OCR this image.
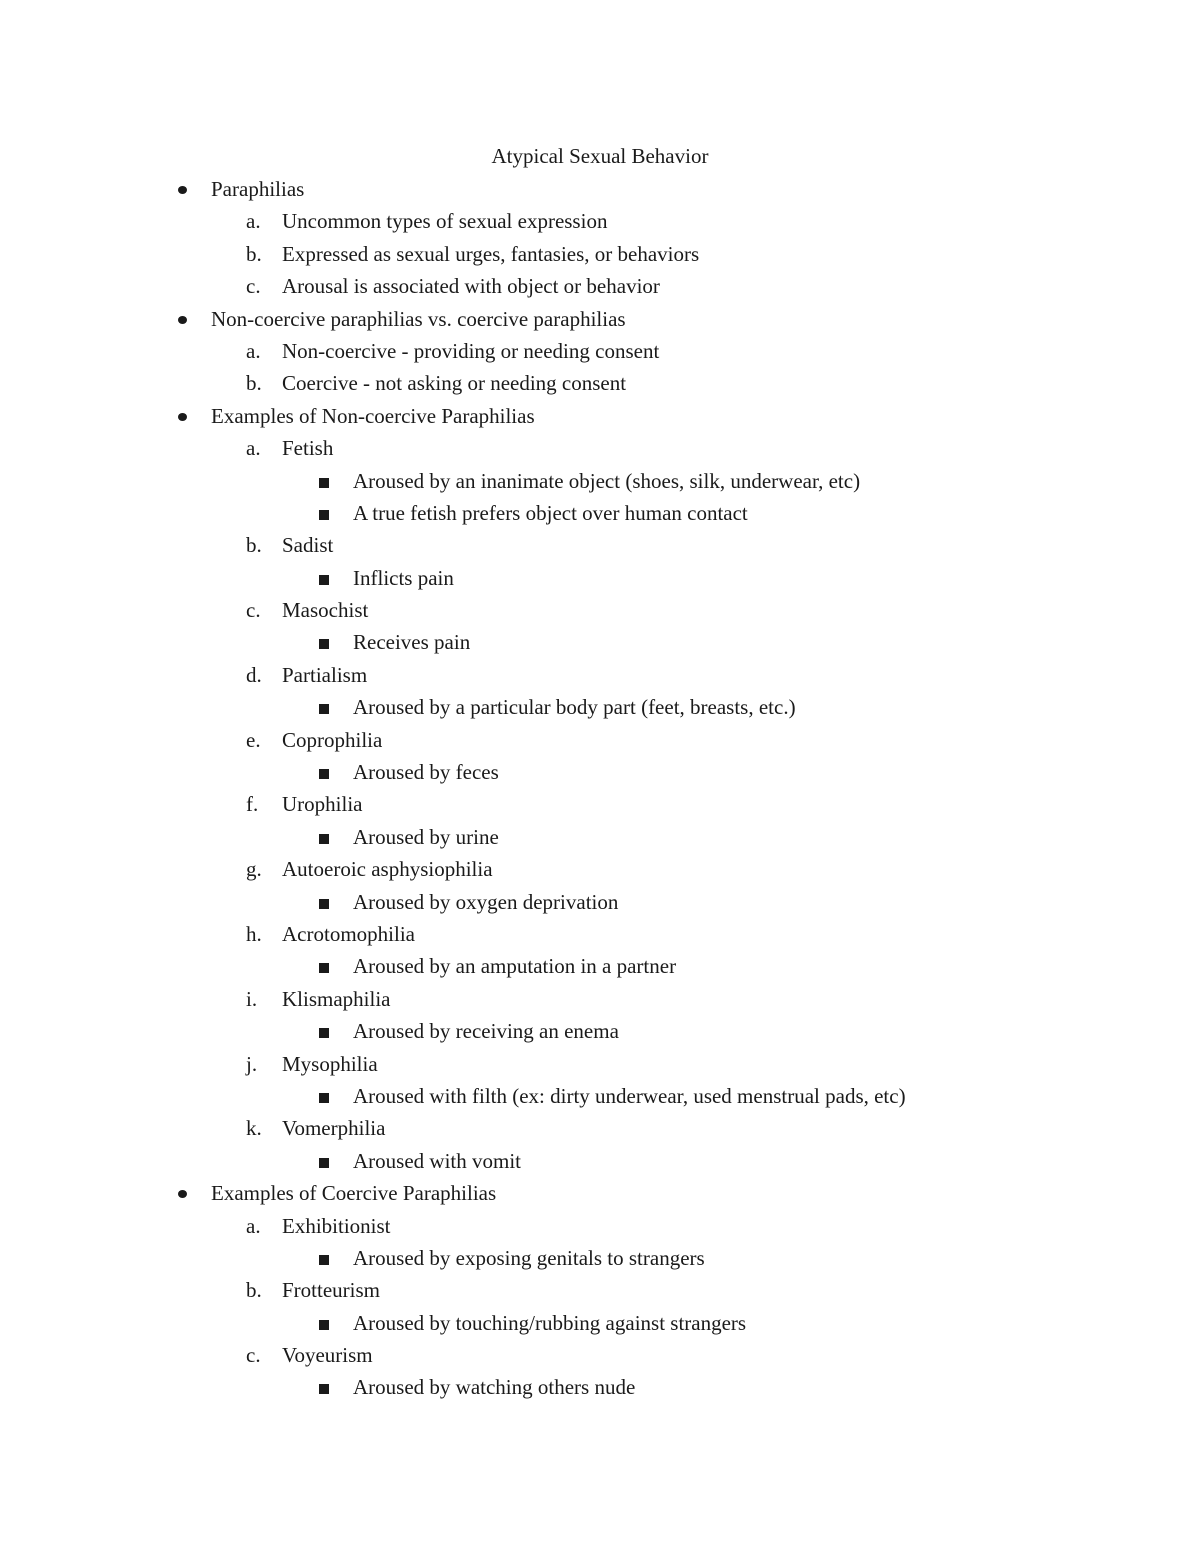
Atypical Sexual Behavior
Paraphilias
a. Uncommon types of sexual expression
b. Expressed as sexual urges, fantasies, or behaviors
c. Arousal is associated with object or behavior
Non-coercive paraphilias vs. coercive paraphilias
a. Non-coercive - providing or needing consent
b. Coercive - not asking or needing consent
Examples of Non-coercive Paraphilias
a. Fetish
Aroused by an inanimate object (shoes, silk, underwear, etc)
A true fetish prefers object over human contact
b. Sadist
Inflicts pain
c. Masochist
Receives pain
d. Partialism
Aroused by a particular body part (feet, breasts, etc.)
e. Coprophilia
Aroused by feces
f. Urophilia
Aroused by urine
g. Autoeroic asphysiophilia
Aroused by oxygen deprivation
h. Acrotomophilia
Aroused by an amputation in a partner
i. Klismaphilia
Aroused by receiving an enema
j. Mysophilia
Aroused with filth (ex: dirty underwear, used menstrual pads, etc)
k. Vomerphilia
Aroused with vomit
Examples of Coercive Paraphilias
a. Exhibitionist
Aroused by exposing genitals to strangers
b. Frotteurism
Aroused by touching/rubbing against strangers
c. Voyeurism
Aroused by watching others nude
